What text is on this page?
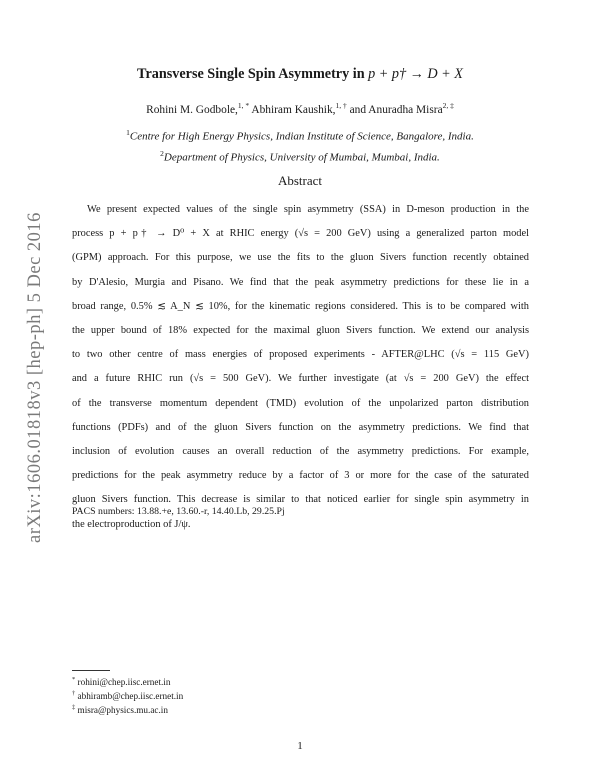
arXiv:1606.01818v3 [hep-ph] 5 Dec 2016
Transverse Single Spin Asymmetry in p + p† → D + X
Rohini M. Godbole,$^{1, *}$ Abhiram Kaushik,$^{1, \dagger}$ and Anuradha Misra$^{2, \ddagger}$
$^1$Centre for High Energy Physics, Indian Institute of Science, Bangalore, India.
$^2$Department of Physics, University of Mumbai, Mumbai, India.
Abstract
We present expected values of the single spin asymmetry (SSA) in D-meson production in the
process p + p† → D⁰ + X at RHIC energy (√s = 200 GeV) using a generalized parton model
(GPM) approach. For this purpose, we use the fits to the gluon Sivers function recently obtained
by D'Alesio, Murgia and Pisano. We find that the peak asymmetry predictions for these lie in a
broad range, 0.5% ≲ A_N ≲ 10%, for the kinematic regions considered. This is to be compared with
the upper bound of 18% expected for the maximal gluon Sivers function. We extend our analysis
to two other centre of mass energies of proposed experiments - AFTER@LHC (√s = 115 GeV)
and a future RHIC run (√s = 500 GeV). We further investigate (at √s = 200 GeV) the effect
of the transverse momentum dependent (TMD) evolution of the unpolarized parton distribution
functions (PDFs) and of the gluon Sivers function on the asymmetry predictions. We find that
inclusion of evolution causes an overall reduction of the asymmetry predictions. For example,
predictions for the peak asymmetry reduce by a factor of 3 or more for the case of the saturated
gluon Sivers function. This decrease is similar to that noticed earlier for single spin asymmetry in
the electroproduction of J/ψ.
PACS numbers: 13.88.+e, 13.60.-r, 14.40.Lb, 29.25.Pj
* rohini@chep.iisc.ernet.in
† abhiramb@chep.iisc.ernet.in
‡ misra@physics.mu.ac.in
1
